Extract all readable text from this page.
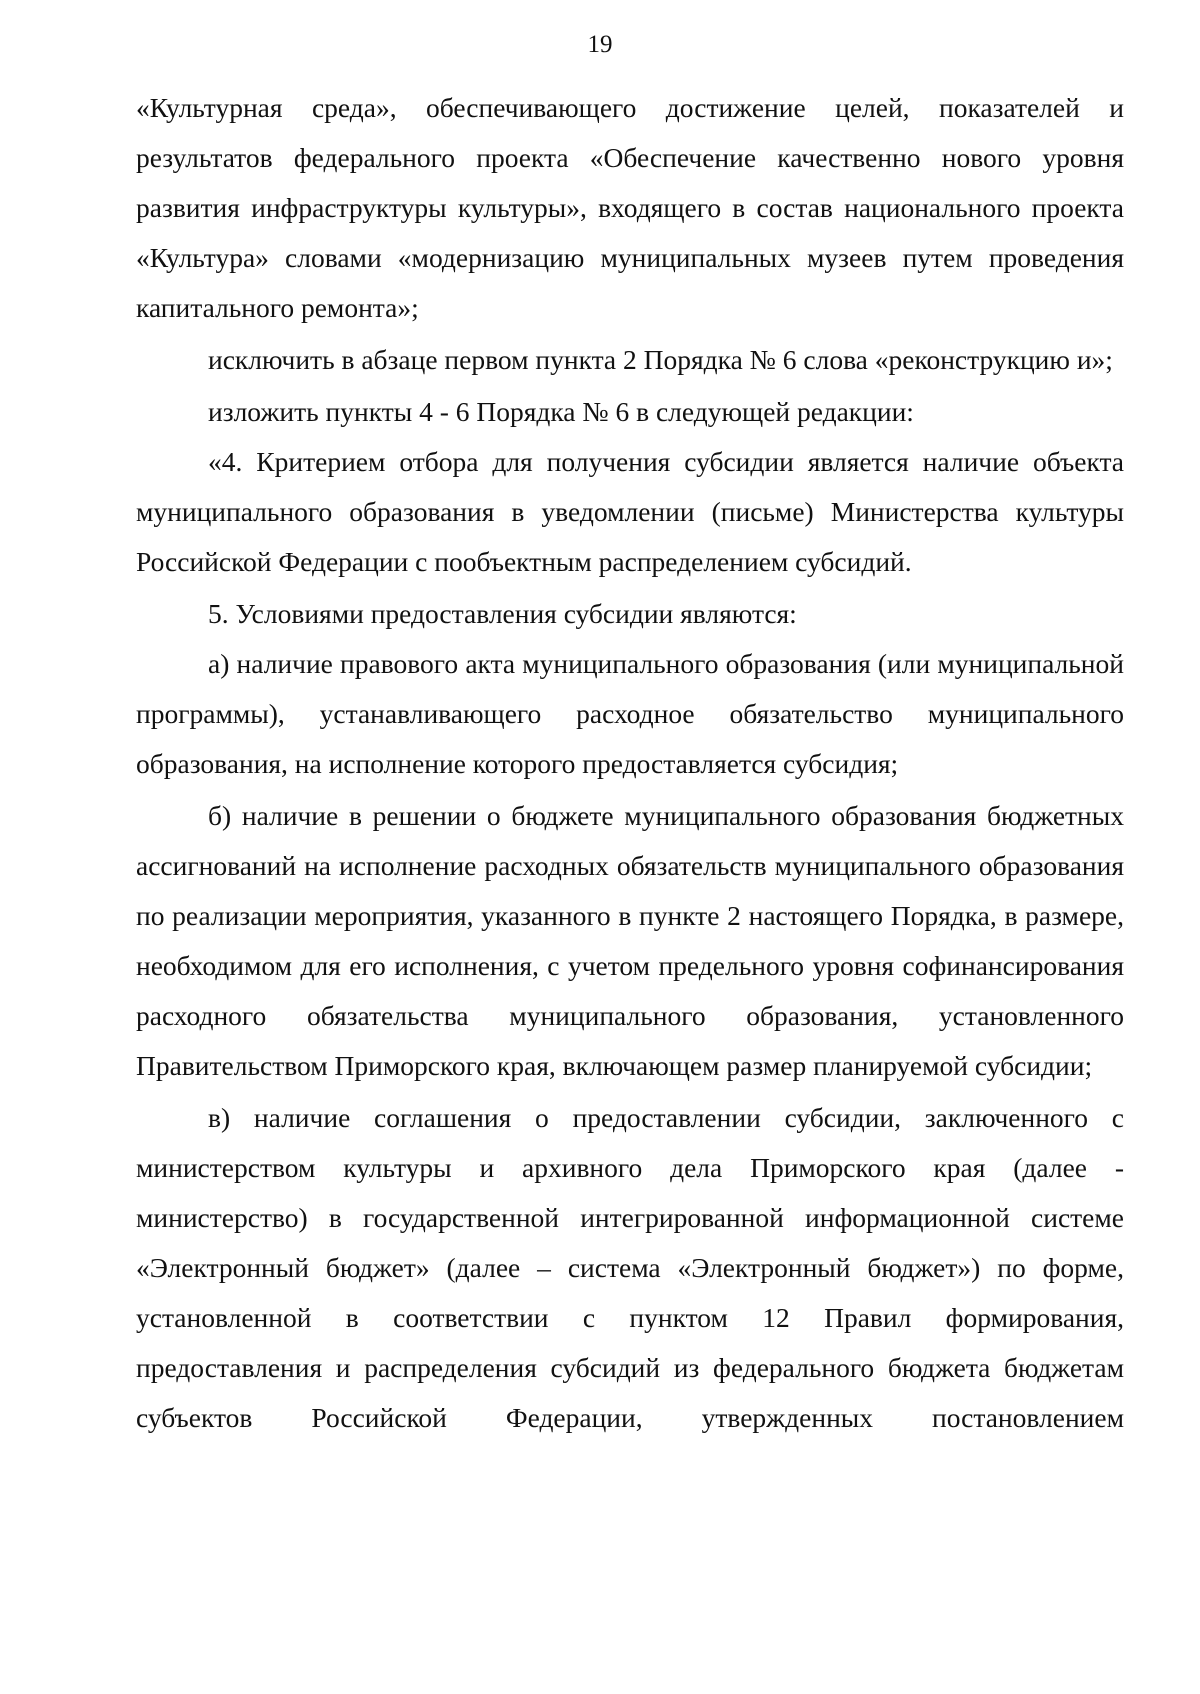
19

«Культурная среда», обеспечивающего достижение целей, показателей и результатов федерального проекта «Обеспечение качественно нового уровня развития инфраструктуры культуры», входящего в состав национального проекта «Культура» словами «модернизацию муниципальных музеев путем проведения капитального ремонта»;

исключить в абзаце первом пункта 2 Порядка № 6 слова «реконструкцию и»;

изложить пункты 4 - 6 Порядка № 6 в следующей редакции:

«4. Критерием отбора для получения субсидии является наличие объекта муниципального образования в уведомлении (письме) Министерства культуры Российской Федерации с пообъектным распределением субсидий.

5. Условиями предоставления субсидии являются:

а) наличие правового акта муниципального образования (или муниципальной программы), устанавливающего расходное обязательство муниципального образования, на исполнение которого предоставляется субсидия;

б) наличие в решении о бюджете муниципального образования бюджетных ассигнований на исполнение расходных обязательств муниципального образования по реализации мероприятия, указанного в пункте 2 настоящего Порядка, в размере, необходимом для его исполнения, с учетом предельного уровня софинансирования расходного обязательства муниципального образования, установленного Правительством Приморского края, включающем размер планируемой субсидии;

в) наличие соглашения о предоставлении субсидии, заключенного с министерством культуры и архивного дела Приморского края (далее - министерство) в государственной интегрированной информационной системе «Электронный бюджет» (далее – система «Электронный бюджет») по форме, установленной в соответствии с пунктом 12 Правил формирования, предоставления и распределения субсидий из федерального бюджета бюджетам субъектов Российской Федерации, утвержденных постановлением
